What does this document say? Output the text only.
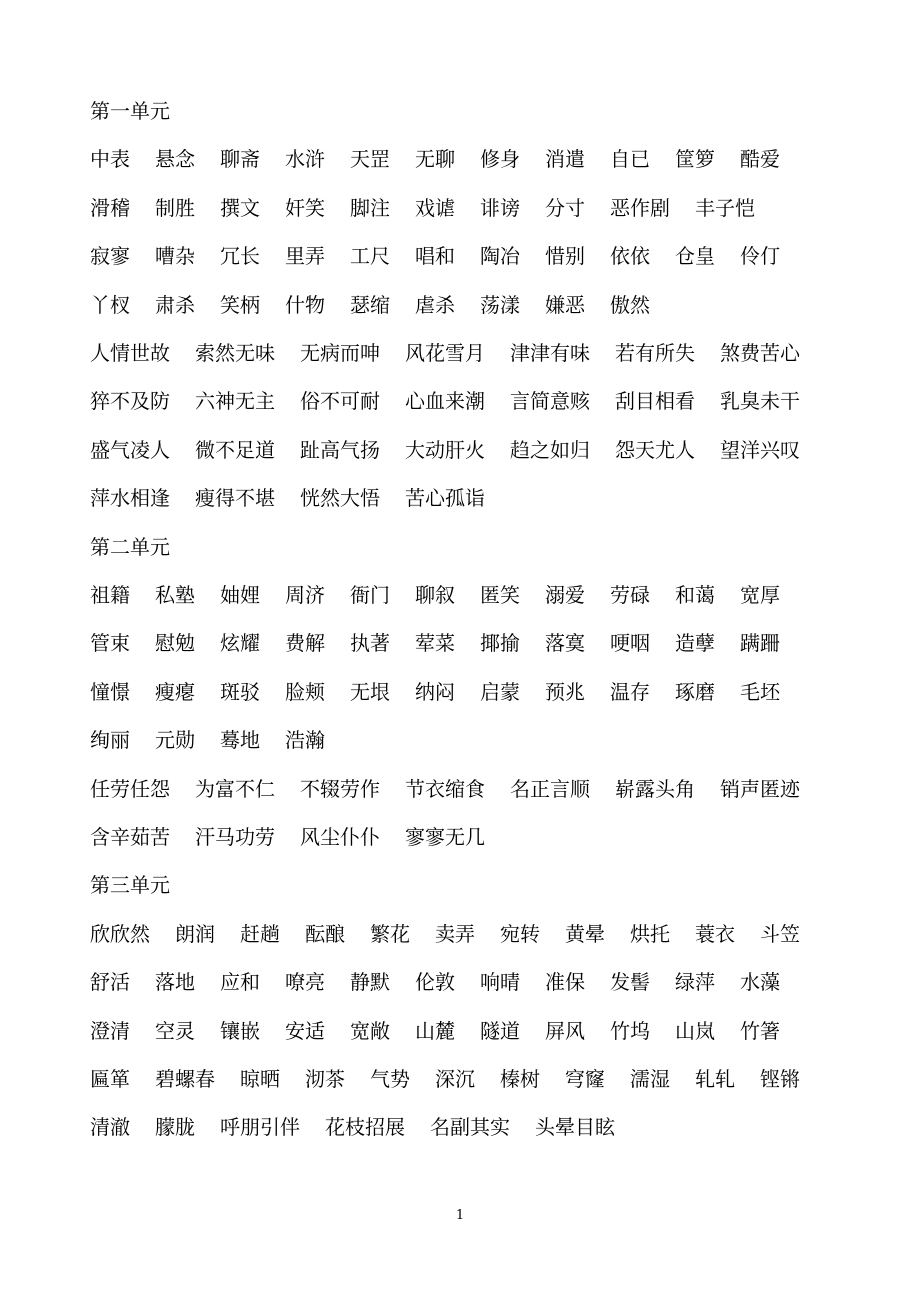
第一单元
中表 悬念 聊斋 水浒 天罡 无聊 修身 消遣 自已 筐箩 酷爱
滑稽 制胜 撰文 奸笑 脚注 戏谑 诽谤 分寸 恶作剧 丰子恺
寂寥 嘈杂 冗长 里弄 工尺 唱和 陶冶 惜别 依依 仓皇 伶仃
丫杈 肃杀 笑柄 什物 瑟缩 虐杀 荡漾 嫌恶 傲然
人情世故 索然无味 无病而呻 风花雪月 津津有味 若有所失 煞费苦心
猝不及防 六神无主 俗不可耐 心血来潮 言简意赅 刮目相看 乳臭未干
盛气凌人 微不足道 趾高气扬 大动肝火 趋之如归 怨天尤人 望洋兴叹
萍水相逢 瘦得不堪 恍然大悟 苦心孤诣
第二单元
祖籍 私塾 妯娌 周济 衙门 聊叙 匿笑 溺爱 劳碌 和蔼 宽厚
管束 慰勉 炫耀 费解 执著 荤菜 揶揄 落寞 哽咽 造孽 蹒跚
憧憬 瘦瘪 斑驳 脸颊 无垠 纳闷 启蒙 预兆 温存 琢磨 毛坯
绚丽 元勋 蓦地 浩瀚
任劳任怨 为富不仁 不辍劳作 节衣缩食 名正言顺 崭露头角 销声匿迹
含辛茹苦 汗马功劳 风尘仆仆 寥寥无几
第三单元
欣欣然 朗润 赶趟 酝酿 繁花 卖弄 宛转 黄晕 烘托 蓑衣 斗笠
舒活 落地 应和 嘹亮 静默 伦敦 响晴 准保 发髻 绿萍 水藻
澄清 空灵 镶嵌 安适 宽敞 山麓 隧道 屏风 竹坞 山岚 竹箸
匾箪 碧螺春 晾晒 沏茶 气势 深沉 榛树 穹窿 濡湿 轧轧 铿锵
清澈 朦胧 呼朋引伴 花枝招展 名副其实 头晕目眩
1
